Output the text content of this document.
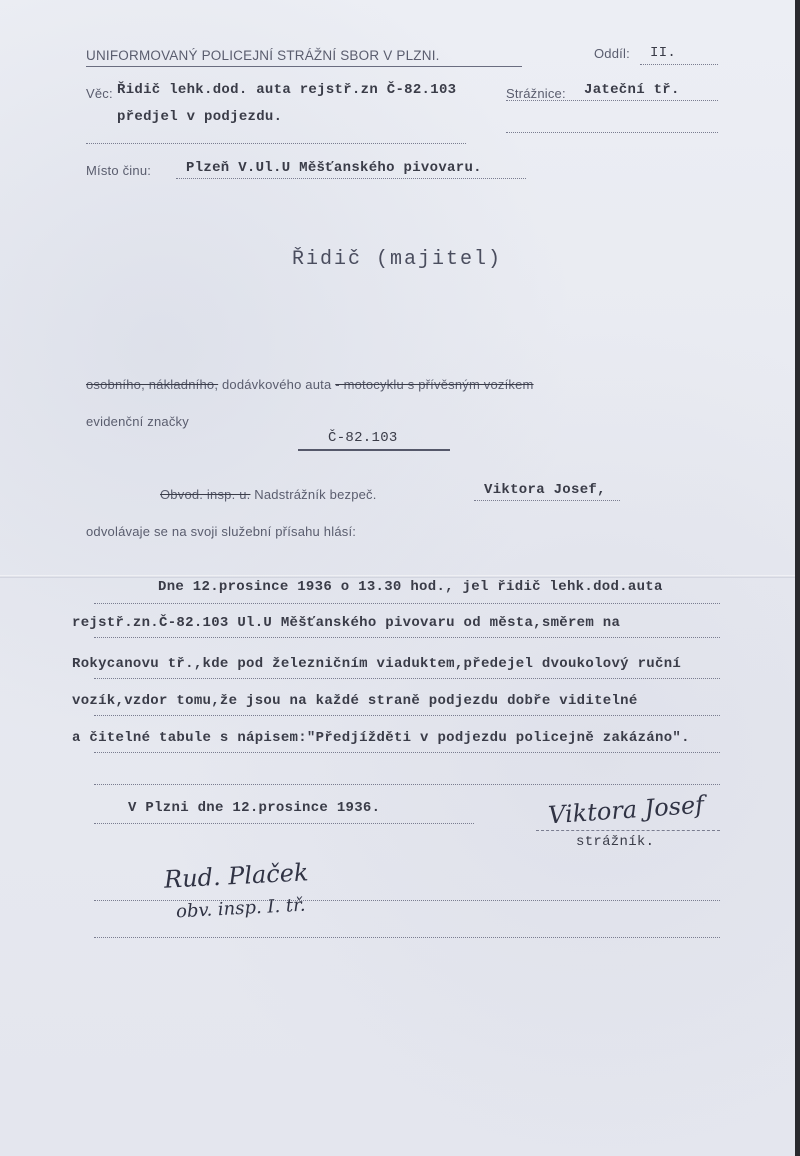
UNIFORMOVANÝ POLICEJNÍ STRÁŽNÍ SBOR V PLZNI.	Oddíl: II.
Věc: Řidič lehk.dod. auta rejstř.zn Č-82.103	Strážnice: Jateční tř.
předjel v podjezdu.
Místo činu: Plzeň V.Ul.U Měšťanského pivovaru.
Řidič (majitel)
osobního, nákladního, dodávkového auta - motocyklu s přívěsným vozíkem
evidenční značky
Č-82.103
Obvod. insp. u. Nadstrážník bezpeč.	Viktora Josef,
odvolávaje se na svoji služební přísahu hlásí:
Dne 12.prosince 1936 o 13.30 hod., jel řidič lehk.dod.auta
rejstř.zn.Č-82.103 Ul.U Měšťanského pivovaru od města,směrem na
Rokycanovu tř.,kde pod železničním viaduktem,předejel dvoukolový ruční
vozík,vzdor tomu,že jsou na každé straně podjezdu dobře viditelné
a čitelné tabule s nápisem:"Předjížděti v podjezdu policejně zakázáno".
V Plzni dne 12.prosince 1936.	Viktora Josef
strážník.
Rud. Plaček
obv. insp. I. tř.
